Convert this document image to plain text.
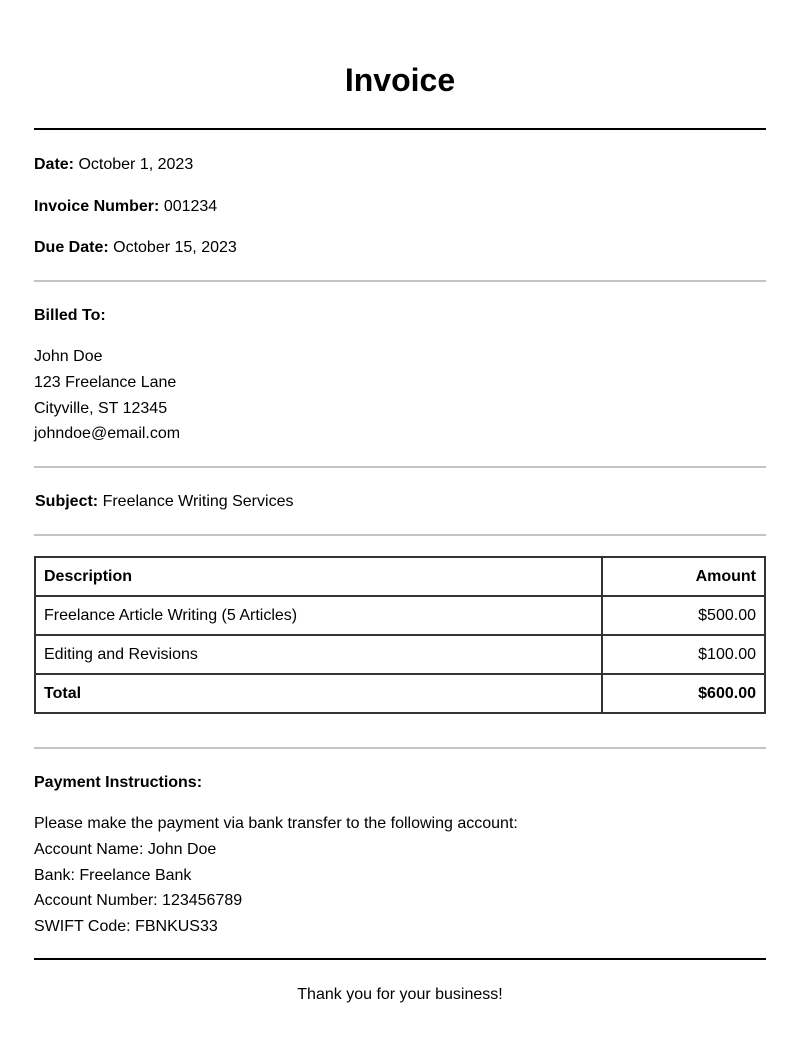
Invoice
Date: October 1, 2023
Invoice Number: 001234
Due Date: October 15, 2023
Billed To:
John Doe
123 Freelance Lane
Cityville, ST 12345
johndoe@email.com
Subject: Freelance Writing Services
Description	Amount
Freelance Article Writing (5 Articles)	$500.00
Editing and Revisions	$100.00
Total	$600.00
Payment Instructions:
Please make the payment via bank transfer to the following account:
Account Name: John Doe
Bank: Freelance Bank
Account Number: 123456789
SWIFT Code: FBNKUS33
Thank you for your business!
